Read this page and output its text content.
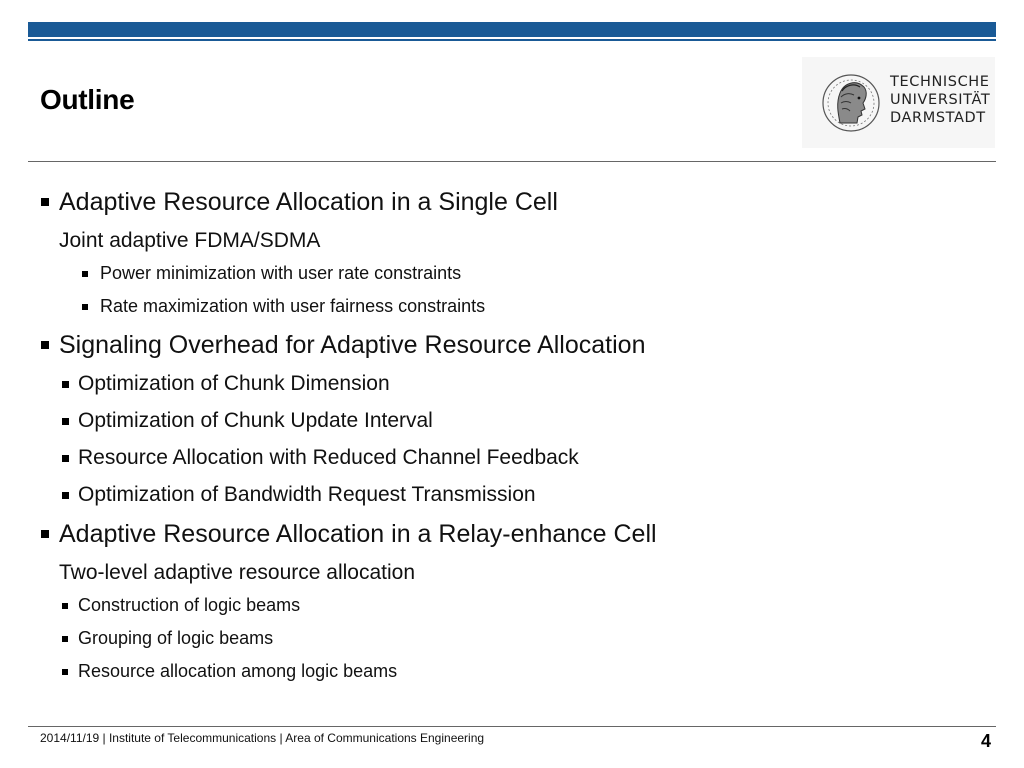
Outline
TECHNISCHE
UNIVERSITÄT
DARMSTADT
Adaptive Resource Allocation in a Single Cell
Joint adaptive FDMA/SDMA
Power minimization with user rate constraints
Rate maximization with user fairness constraints
Signaling Overhead for Adaptive Resource Allocation
Optimization of Chunk Dimension
Optimization of Chunk Update Interval
Resource Allocation with Reduced Channel Feedback
Optimization of Bandwidth Request Transmission
Adaptive Resource Allocation in a Relay-enhance Cell
Two-level adaptive resource allocation
Construction of logic beams
Grouping of logic beams
Resource allocation among logic beams
2014/11/19 | Institute of Telecommunications | Area of Communications Engineering	4
